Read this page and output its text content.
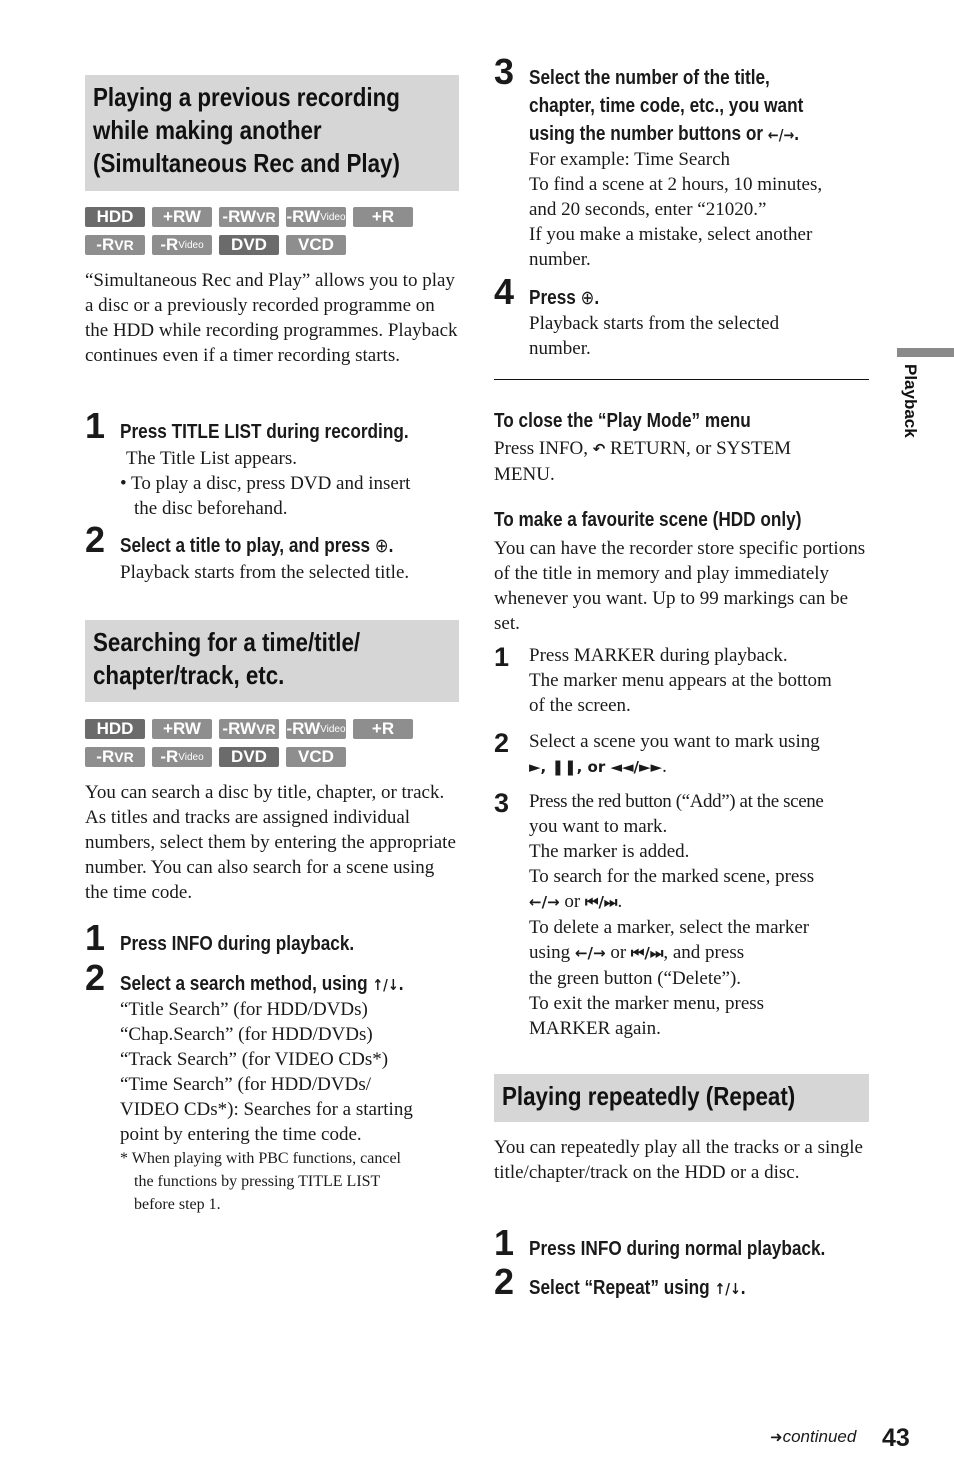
Playing a previous recording
while making another
(Simultaneous Rec and Play)
HDD	+RW	-RW VR -RW Video	+R
-R VR -R Video	DVD	VCD
“Simultaneous Rec and Play” allows you to play a disc or a previously recorded programme on the HDD while recording programmes. Playback continues even if a timer recording starts.
1 Press TITLE LIST during recording.
The Title List appears.
• To play a disc, press DVD and insert
the disc beforehand.
2 Select a title to play, and press ⊕.
Playback starts from the selected title.
Searching for a time/title/
chapter/track, etc.
HDD	+RW	-RW VR -RW Video	+R
-R VR -R Video	DVD	VCD
You can search a disc by title, chapter, or track. As titles and tracks are assigned individual numbers, select them by entering the appropriate number. You can also search for a scene using the time code.
1 Press INFO during playback.
2 Select a search method, using ↑/↓.
“Title Search” (for HDD/DVDs)
“Chap.Search” (for HDD/DVDs)
“Track Search” (for VIDEO CDs*)
“Time Search” (for HDD/DVDs/
VIDEO CDs*): Searches for a starting
point by entering the time code.
* When playing with PBC functions, cancel
the functions by pressing TITLE LIST
before step 1.
3 Select the number of the title,
chapter, time code, etc., you want
using the number buttons or ←/→.
For example: Time Search
To find a scene at 2 hours, 10 minutes,
and 20 seconds, enter “21020.”
If you make a mistake, select another
number.
4 Press ⊕.
Playback starts from the selected
number.
To close the “Play Mode” menu
Press INFO, ↶ RETURN, or SYSTEM
MENU.
To make a favourite scene (HDD only)
You can have the recorder store specific portions of the title in memory and play immediately whenever you want. Up to 99 markings can be set.
1 Press MARKER during playback.
The marker menu appears at the bottom
of the screen.
2 Select a scene you want to mark using
►, ❚❚, or ◄◄/►►.
3 Press the red button (“Add”) at the scene
you want to mark.
The marker is added.
To search for the marked scene, press
←/→ or ⏮/⏭.
To delete a marker, select the marker
using ←/→ or ⏮/⏭, and press
the green button (“Delete”).
To exit the marker menu, press
MARKER again.
Playing repeatedly (Repeat)
You can repeatedly play all the tracks or a single title/chapter/track on the HDD or a disc.
1 Press INFO during normal playback.
2 Select “Repeat” using ↑/↓.
Playback
➜continued 43
